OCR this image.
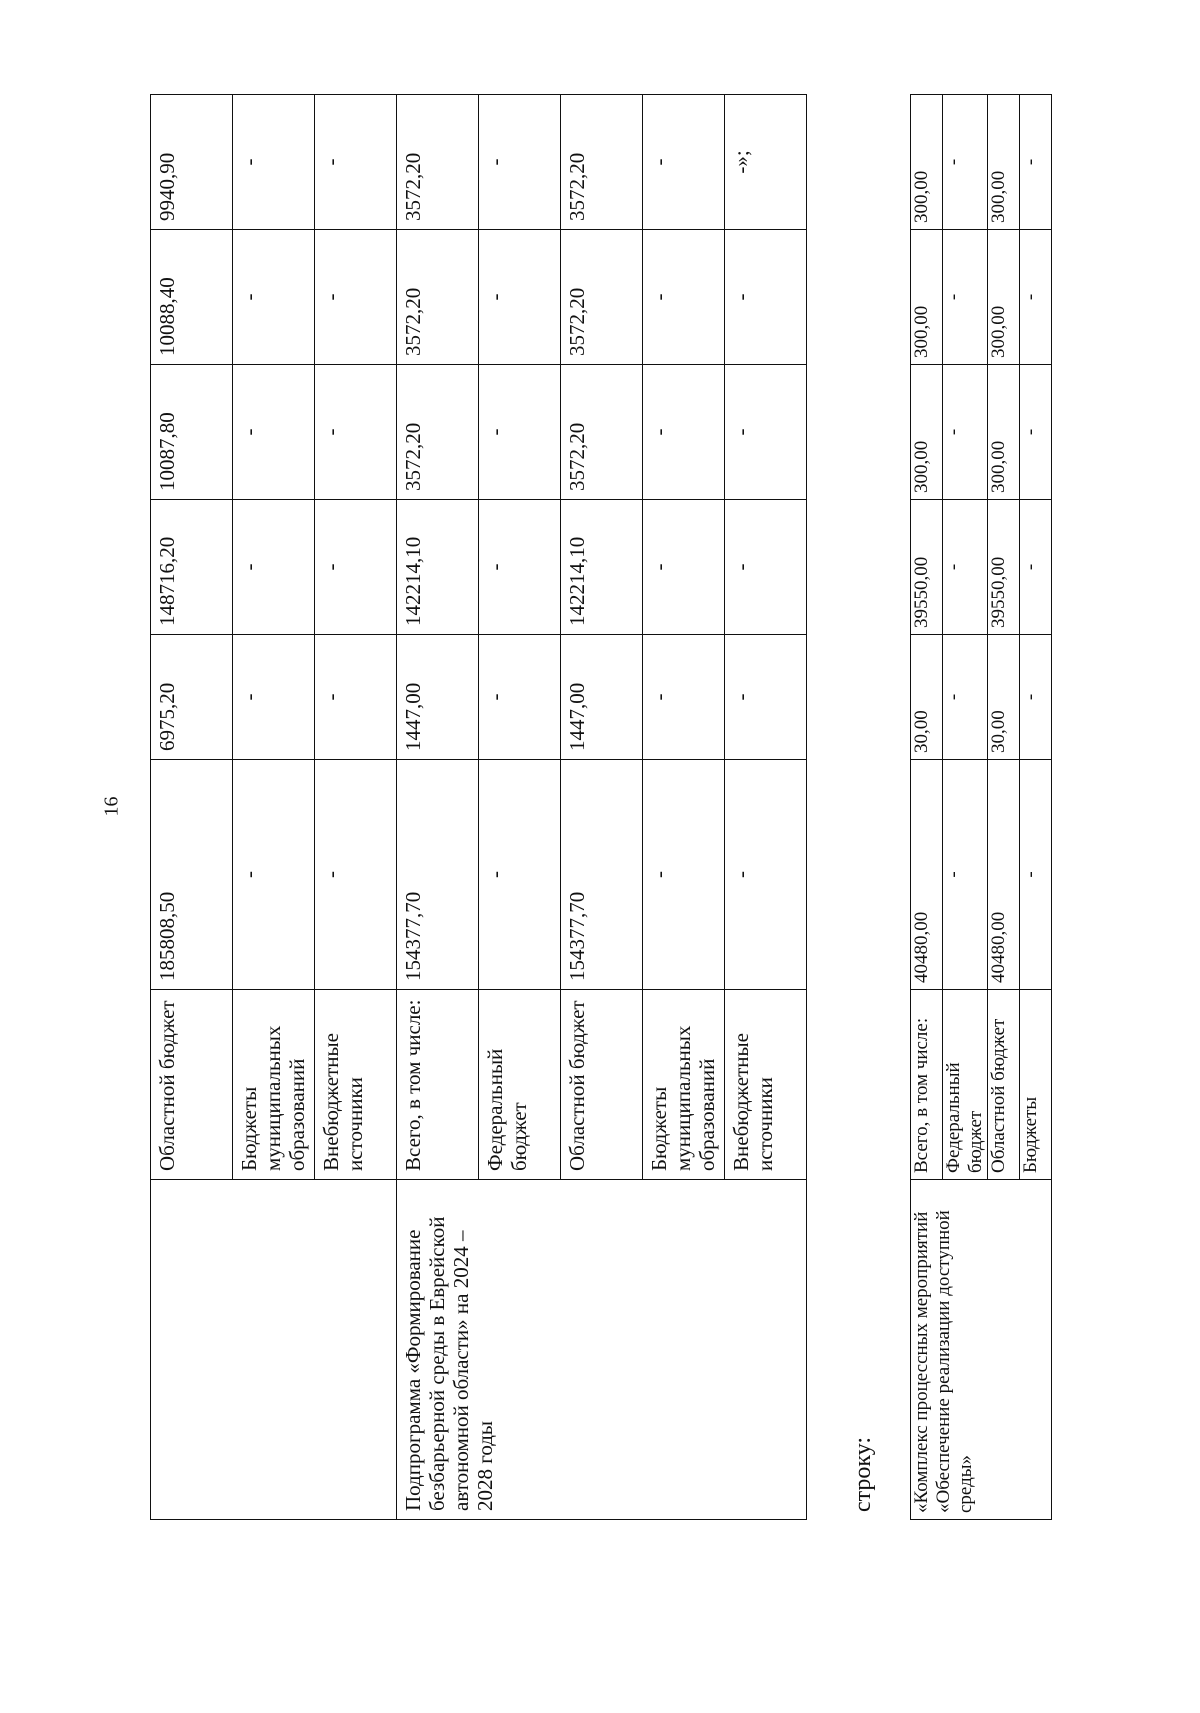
16
	Областной бюджет	185808,50	6975,20	148716,20	10087,80	10088,40	9940,90
	Бюджеты муниципальных образований	-	-	-	-	-	-
	Внебюджетные источники	-	-	-	-	-	-
Подпрограмма «Формирование безбарьерной среды в Еврейской автономной области» на 2024 – 2028 годы	Всего, в том числе:	154377,70	1447,00	142214,10	3572,20	3572,20	3572,20
	Федеральный бюджет	-	-	-	-	-	-
	Областной бюджет	154377,70	1447,00	142214,10	3572,20	3572,20	3572,20
	Бюджеты муниципальных образований	-	-	-	-	-	-
	Внебюджетные источники	-	-	-	-	-	-»;
строку: «Комплекс процессных мероприятий «Обеспечение реализации доступной среды»	Всего, в том числе:	40480,00	30,00	39550,00	300,00	300,00	300,00
	Федеральный бюджет	-	-	-	-	-	-
	Областной бюджет	40480,00	30,00	39550,00	300,00	300,00	300,00
	Бюджеты	-	-	-	-	-	-
